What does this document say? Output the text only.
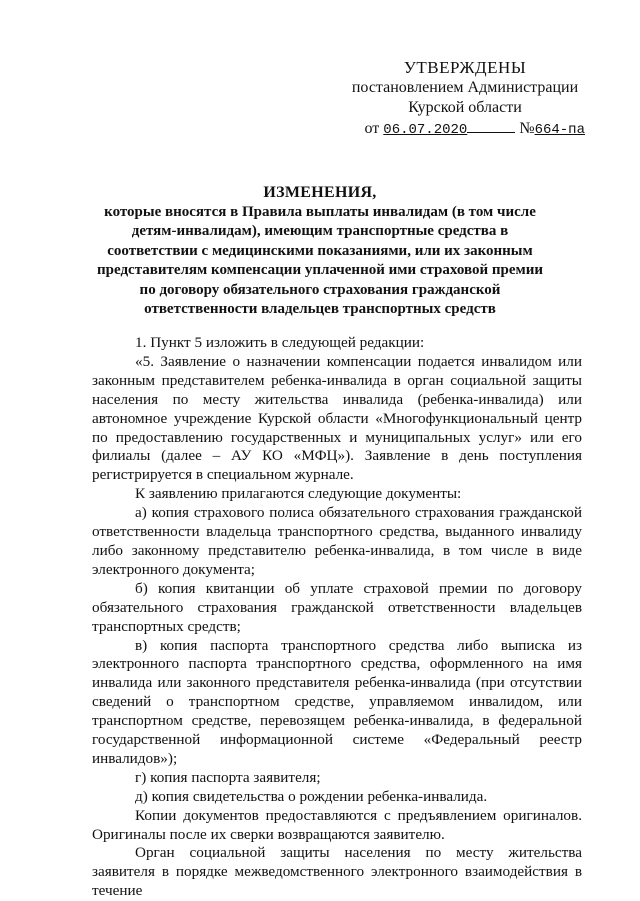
УТВЕРЖДЕНЫ
постановлением Администрации
Курской области
от 06.07.2020	№664-па
ИЗМЕНЕНИЯ,
которые вносятся в Правила выплаты инвалидам (в том числе
детям-инвалидам), имеющим транспортные средства в
соответствии с медицинскими показаниями, или их законным
представителям компенсации уплаченной ими страховой премии
по договору обязательного страхования гражданской
ответственности владельцев транспортных средств

1. Пункт 5 изложить в следующей редакции:

«5. Заявление о назначении компенсации подается инвалидом или законным представителем ребенка-инвалида в орган социальной защиты населения по месту жительства инвалида (ребенка-инвалида) или автономное учреждение Курской области «Многофункциональный центр по предоставлению государственных и муниципальных услуг» или его филиалы (далее – АУ КО «МФЦ»). Заявление в день поступления регистрируется в специальном журнале.

К заявлению прилагаются следующие документы:

а) копия страхового полиса обязательного страхования гражданской ответственности владельца транспортного средства, выданного инвалиду либо законному представителю ребенка-инвалида, в том числе в виде электронного документа;

б) копия квитанции об уплате страховой премии по договору обязательного страхования гражданской ответственности владельцев транспортных средств;

в) копия паспорта транспортного средства либо выписка из электронного паспорта транспортного средства, оформленного на имя инвалида или законного представителя ребенка-инвалида (при отсутствии сведений о транспортном средстве, управляемом инвалидом, или транспортном средстве, перевозящем ребенка-инвалида, в федеральной государственной информационной системе «Федеральный реестр инвалидов»);

г) копия паспорта заявителя;

д) копия свидетельства о рождении ребенка-инвалида.

Копии документов предоставляются с предъявлением оригиналов. Оригиналы после их сверки возвращаются заявителю.

Орган социальной защиты населения по месту жительства заявителя в порядке межведомственного электронного взаимодействия в течение
